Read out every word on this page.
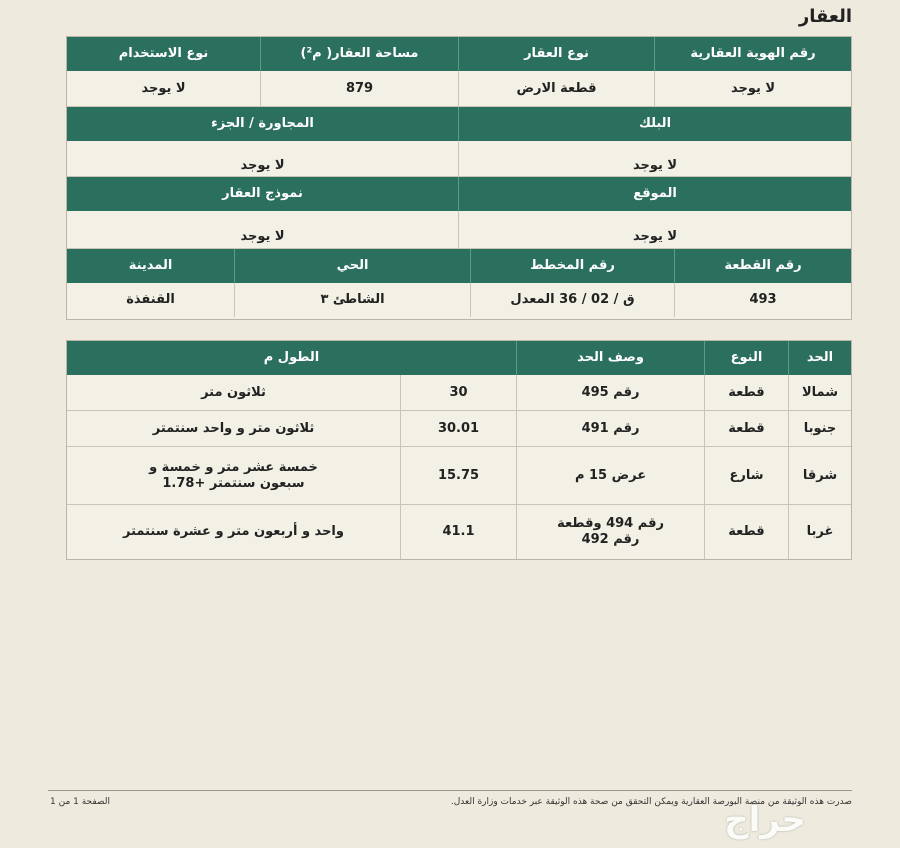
العقار
رقم الهوية العقارية
نوع العقار
مساحة العقار( م²)
نوع الاستخدام
لا يوجد
قطعة الارض
879
لا يوجد
البلك
المجاورة / الجزء
لا يوجد
لا يوجد
الموقع
نموذج العقار
لا يوجد
لا يوجد
رقم القطعة
رقم المخطط
الحي
المدينة
493
ق / 02 / 36 المعدل
الشاطئ ٣
القنفذة
الحد
النوع
وصف الحد
الطول م
شمالا
قطعة
رقم 495
30
ثلاثون متر
جنوبا
قطعة
رقم 491
30.01
ثلاثون متر و واحد سنتمتر
شرقا
شارع
عرض 15 م
15.75
خمسة عشر متر و خمسة و سبعون سنتمتر +1.78
غربا
قطعة
رقم 494 وقطعة رقم 492
41.1
واحد و أربعون متر و عشرة سنتمتر
صدرت هذه الوثيقة من منصة البورصة العقارية ويمكن التحقق من صحة هذه الوثيقة عبر خدمات وزارة العدل.
الصفحة 1 من 1	حراج
